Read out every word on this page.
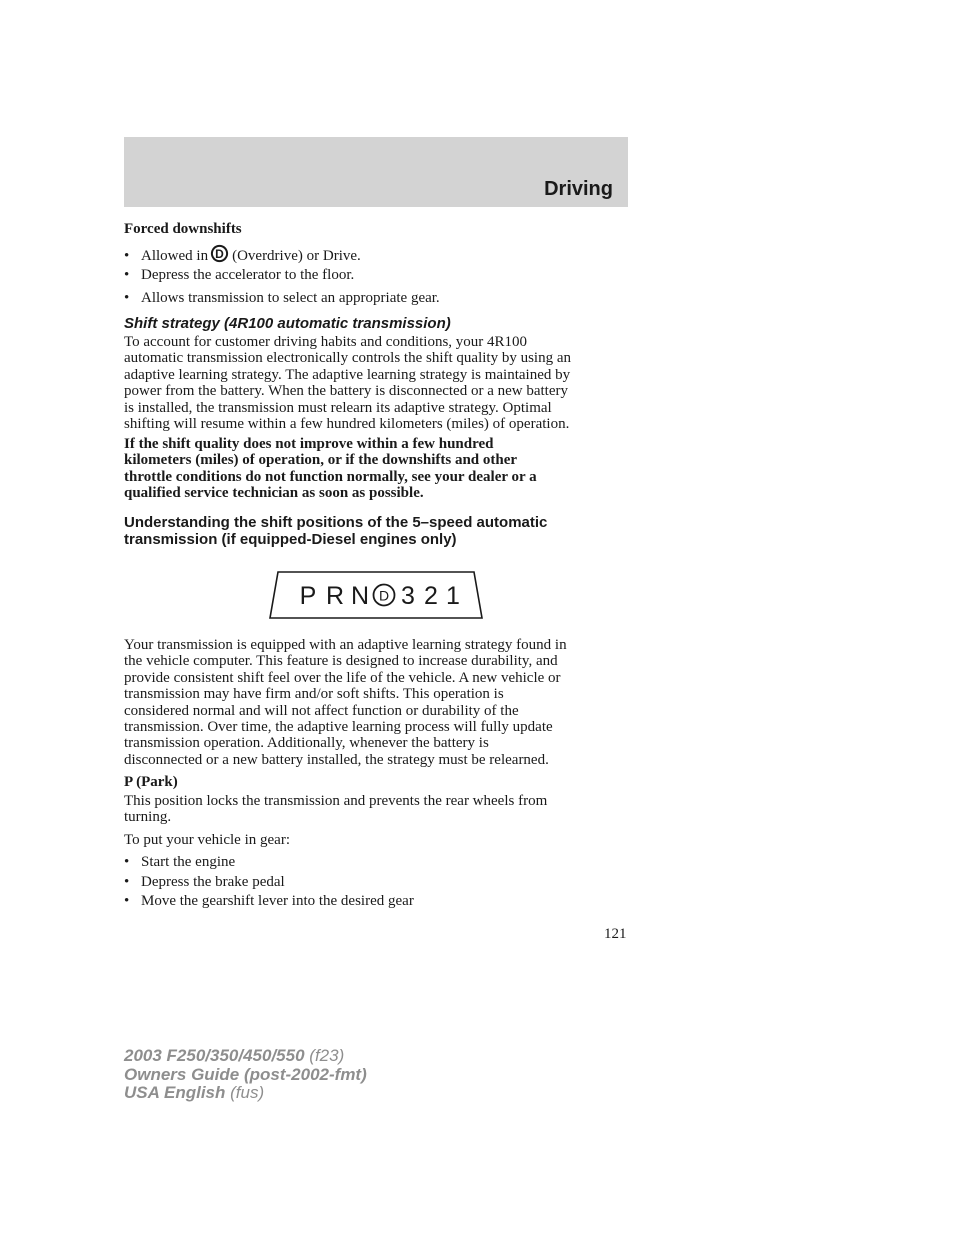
Driving
Forced downshifts
• Allowed in D (Overdrive) or Drive.
• Depress the accelerator to the floor.
• Allows transmission to select an appropriate gear.
Shift strategy (4R100 automatic transmission)
To account for customer driving habits and conditions, your 4R100
automatic transmission electronically controls the shift quality by using an
adaptive learning strategy. The adaptive learning strategy is maintained by
power from the battery. When the battery is disconnected or a new battery
is installed, the transmission must relearn its adaptive strategy. Optimal
shifting will resume within a few hundred kilometers (miles) of operation.
If the shift quality does not improve within a few hundred
kilometers (miles) of operation, or if the downshifts and other
throttle conditions do not function normally, see your dealer or a
qualified service technician as soon as possible.
Understanding the shift positions of the 5–speed automatic
transmission (if equipped-Diesel engines only)
P R N 3 2 1
D
Your transmission is equipped with an adaptive learning strategy found in
the vehicle computer. This feature is designed to increase durability, and
provide consistent shift feel over the life of the vehicle. A new vehicle or
transmission may have firm and/or soft shifts. This operation is
considered normal and will not affect function or durability of the
transmission. Over time, the adaptive learning process will fully update
transmission operation. Additionally, whenever the battery is
disconnected or a new battery installed, the strategy must be relearned.
P (Park)
This position locks the transmission and prevents the rear wheels from
turning.
To put your vehicle in gear:
• Start the engine
• Depress the brake pedal
• Move the gearshift lever into the desired gear
121
2003 F250/350/450/550 (f23)
Owners Guide (post-2002-fmt)
USA English (fus)
